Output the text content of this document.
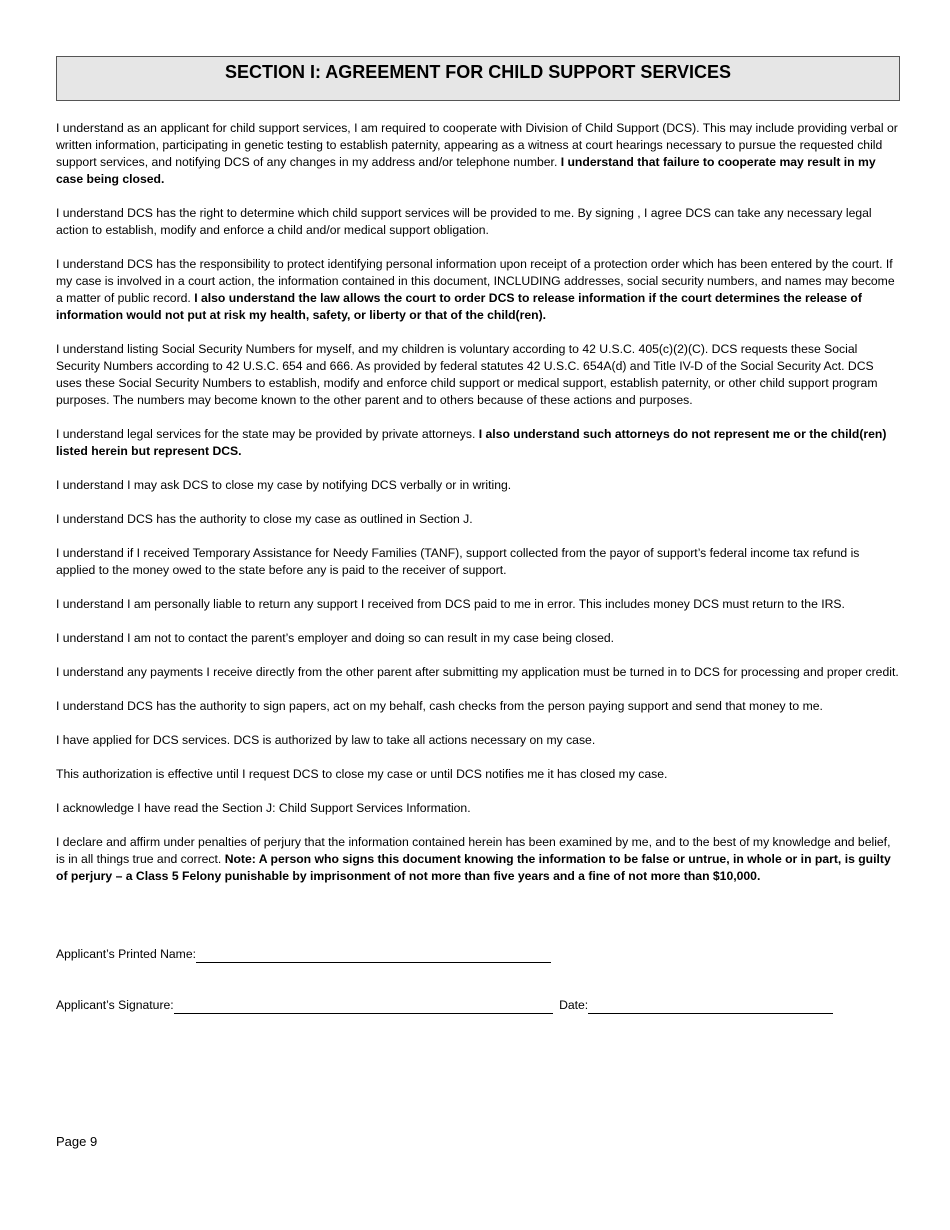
SECTION I: AGREEMENT FOR CHILD SUPPORT SERVICES

I understand as an applicant for child support services, I am required to cooperate with Division of Child Support (DCS). This may include providing verbal or written information, participating in genetic testing to establish paternity, appearing as a witness at court hearings necessary to pursue the requested child support services, and notifying DCS of any changes in my address and/or telephone number. I understand that failure to cooperate may result in my case being closed.

I understand DCS has the right to determine which child support services will be provided to me. By signing , I agree DCS can take any necessary legal action to establish, modify and enforce a child and/or medical support obligation.

I understand DCS has the responsibility to protect identifying personal information upon receipt of a protection order which has been entered by the court. If my case is involved in a court action, the information contained in this document, INCLUDING addresses, social security numbers, and names may become a matter of public record. I also understand the law allows the court to order DCS to release information if the court determines the release of information would not put at risk my health, safety, or liberty or that of the child(ren).

I understand listing Social Security Numbers for myself, and my children is voluntary according to 42 U.S.C. 405(c)(2)(C). DCS requests these Social Security Numbers according to 42 U.S.C. 654 and 666. As provided by federal statutes 42 U.S.C. 654A(d) and Title IV-D of the Social Security Act. DCS uses these Social Security Numbers to establish, modify and enforce child support or medical support, establish paternity, or other child support program purposes. The numbers may become known to the other parent and to others because of these actions and purposes.

I understand legal services for the state may be provided by private attorneys. I also understand such attorneys do not represent me or the child(ren) listed herein but represent DCS.

I understand I may ask DCS to close my case by notifying DCS verbally or in writing.

I understand DCS has the authority to close my case as outlined in Section J.

I understand if I received Temporary Assistance for Needy Families (TANF), support collected from the payor of support’s federal income tax refund is applied to the money owed to the state before any is paid to the receiver of support.

I understand I am personally liable to return any support I received from DCS paid to me in error. This includes money DCS must return to the IRS.

I understand I am not to contact the parent’s employer and doing so can result in my case being closed.

I understand any payments I receive directly from the other parent after submitting my application must be turned in to DCS for processing and proper credit.

I understand DCS has the authority to sign papers, act on my behalf, cash checks from the person paying support and send that money to me.

I have applied for DCS services. DCS is authorized by law to take all actions necessary on my case.

This authorization is effective until I request DCS to close my case or until DCS notifies me it has closed my case.

I acknowledge I have read the Section J: Child Support Services Information.

I declare and affirm under penalties of perjury that the information contained herein has been examined by me, and to the best of my knowledge and belief, is in all things true and correct. Note: A person who signs this document knowing the information to be false or untrue, in whole or in part, is guilty of perjury – a Class 5 Felony punishable by imprisonment of not more than five years and a fine of not more than $10,000.

Applicant’s Printed Name:
Applicant’s Signature:	Date:
Page 9
